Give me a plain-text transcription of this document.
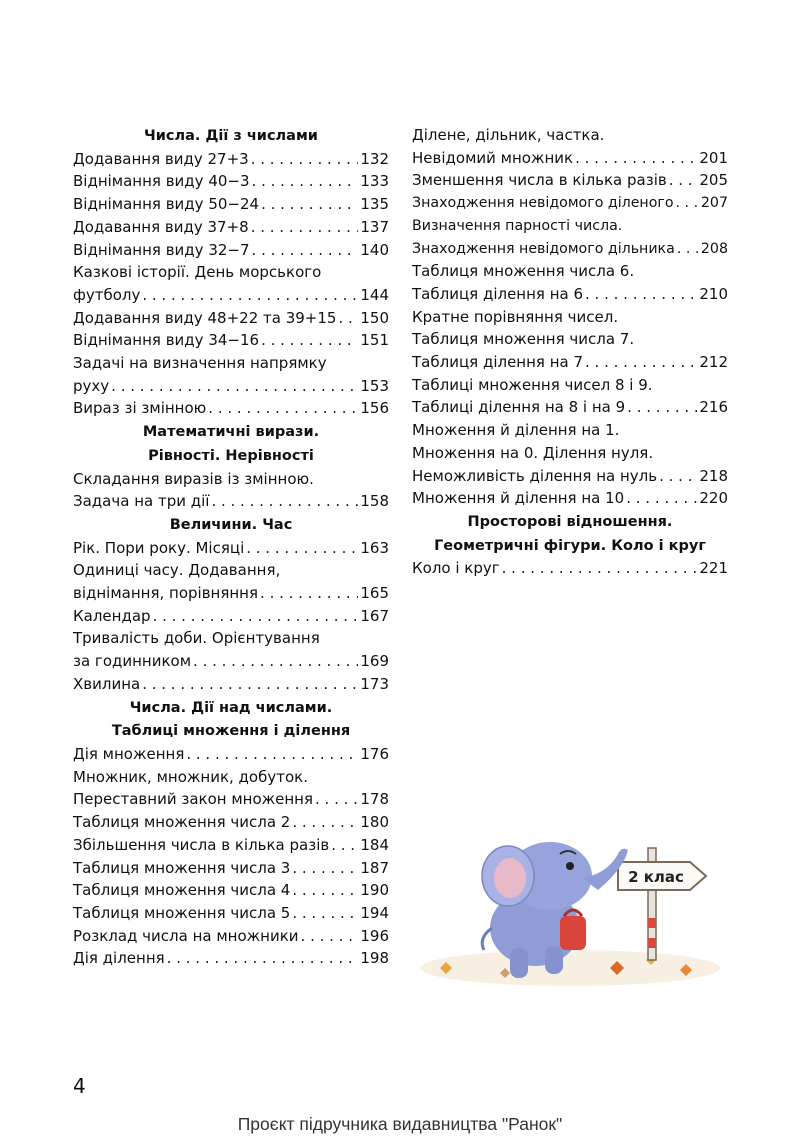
Числа. Дії з числами
Додавання виду 27+3 . . .	132
Віднімання виду 40−3 . . .	133
Віднімання виду 50−24 . . .	135
Додавання виду 37+8 . . .	137
Віднімання виду 32−7 . . .	140
Казкові історії. День морського
футболу . . .	144
Додавання виду 48+22 та 39+15 . . . 150
Віднімання виду 34−16 . . .	151
Задачі на визначення напрямку
руху . . .	153
Вираз зі змінною . . .	156
Математичні вирази.
Рівності. Нерівності
Складання виразів із змінною.
Задача на три дії . . .	158
Величини. Час
Рік. Пори року. Місяці . . .	163
Одиниці часу. Додавання,
віднімання, порівняння . . .	165
Календар . . .	167
Тривалість доби. Орієнтування
за годинником . . .	169
Хвилина . . .	173
Числа. Дії над числами.
Таблиці множення і ділення
Дія множення . . .	176
Множник, множник, добуток.
Переставний закон множення . . .	178
Таблиця множення числа 2 . . .	180
Збільшення числа в кілька разів . . . 184
Таблиця множення числа 3 . . .	187
Таблиця множення числа 4 . . .	190
Таблиця множення числа 5 . . .	194
Розклад числа на множники . . .	196
Дія ділення . . .	198
Ділене, дільник, частка.
Невідомий множник . . .	201
Зменшення числа в кілька разів . . . 205
Знаходження невідомого діленого . . . 207
Визначення парності числа.
Знаходження невідомого дільника . . . 208
Таблиця множення числа 6.
Таблиця ділення на 6 . . .	210
Кратне порівняння чисел.
Таблиця множення числа 7.
Таблиця ділення на 7 . . .	212
Таблиці множення чисел 8 і 9.
Таблиці ділення на 8 і на 9 . . .	216
Множення й ділення на 1.
Множення на 0. Ділення нуля.
Неможливість ділення на нуль . . .	218
Множення й ділення на 10 . . .	220
Просторові відношення.
Геометричні фігури. Коло і круг
Коло і круг . . .	221
2 клас
4
Проєкт підручника видавництва "Ранок"
